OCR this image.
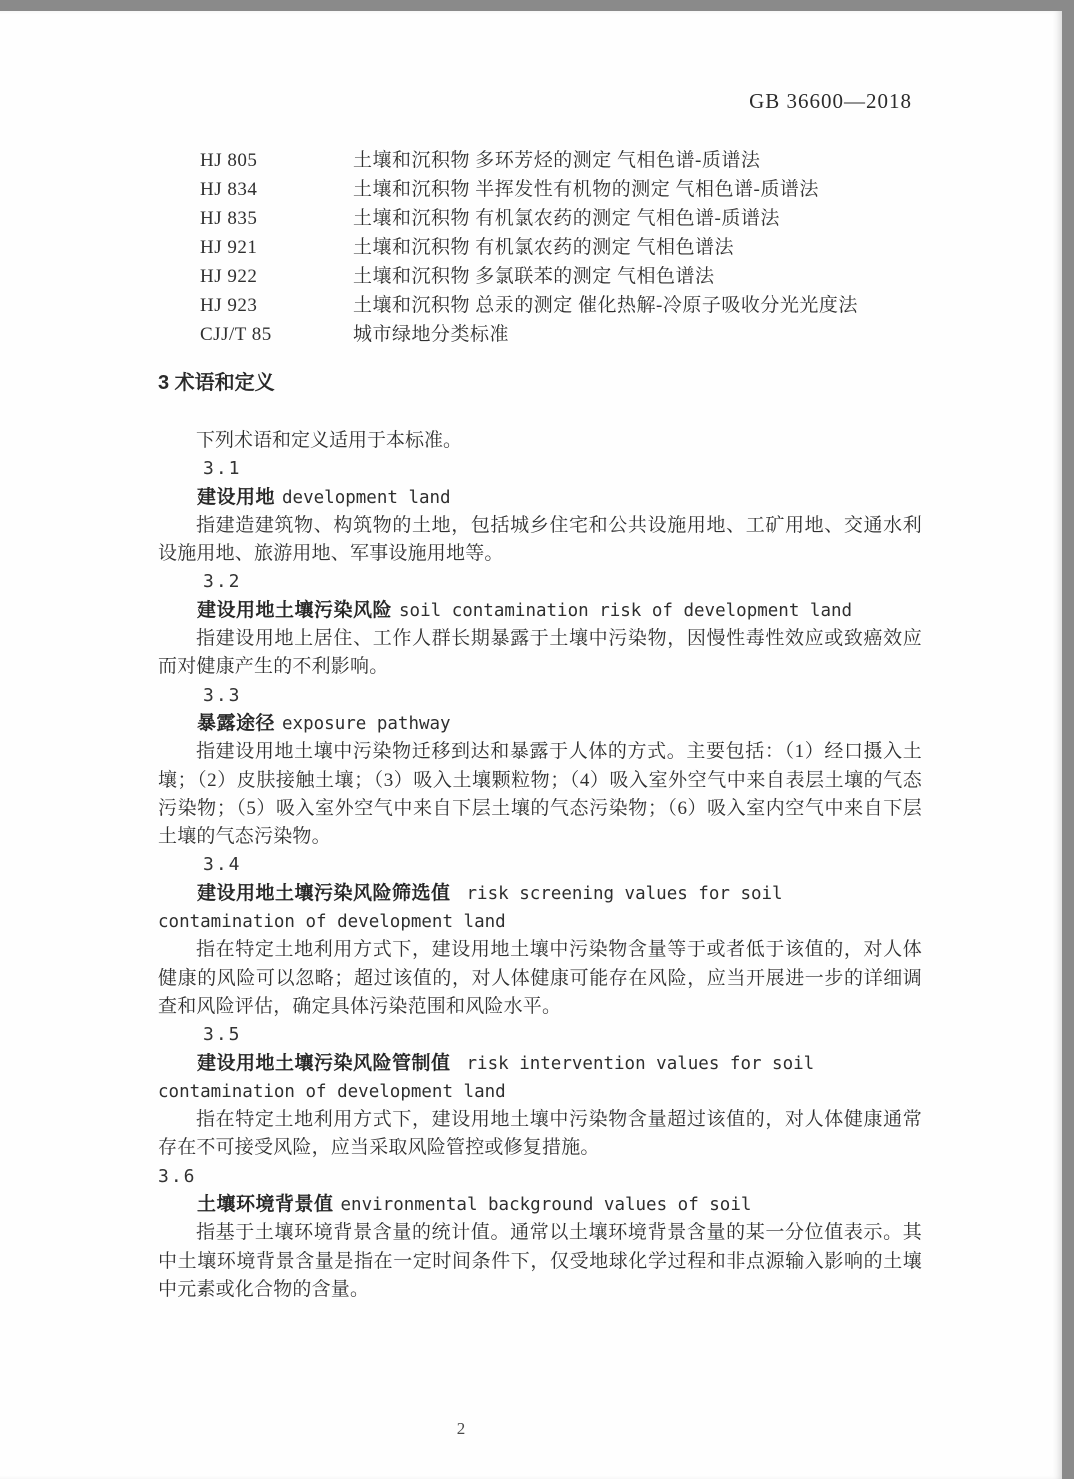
GB 36600—2018
HJ 805	土壤和沉积物 多环芳烃的测定 气相色谱-质谱法
HJ 834	土壤和沉积物 半挥发性有机物的测定 气相色谱-质谱法
HJ 835	土壤和沉积物 有机氯农药的测定 气相色谱-质谱法
HJ 921	土壤和沉积物 有机氯农药的测定 气相色谱法
HJ 922	土壤和沉积物 多氯联苯的测定 气相色谱法
HJ 923	土壤和沉积物 总汞的测定 催化热解-冷原子吸收分光光度法
CJJ/T 85	城市绿地分类标准
3 术语和定义

下列术语和定义适用于本标准。

3.1
建设用地 development land

指建造建筑物、构筑物的土地，包括城乡住宅和公共设施用地、工矿用地、交通水利设施用地、旅游用地、军事设施用地等。

3.2
建设用地土壤污染风险 soil contamination risk of development land

指建设用地上居住、工作人群长期暴露于土壤中污染物，因慢性毒性效应或致癌效应而对健康产生的不利影响。

3.3
暴露途径 exposure pathway

指建设用地土壤中污染物迁移到达和暴露于人体的方式。主要包括：（1）经口摄入土壤；（2）皮肤接触土壤；（3）吸入土壤颗粒物；（4）吸入室外空气中来自表层土壤的气态污染物；（5）吸入室外空气中来自下层土壤的气态污染物；（6）吸入室内空气中来自下层土壤的气态污染物。

3.4
建设用地土壤污染风险筛选值 risk screening values for soil contamination of development land

指在特定土地利用方式下，建设用地土壤中污染物含量等于或者低于该值的，对人体健康的风险可以忽略；超过该值的，对人体健康可能存在风险，应当开展进一步的详细调查和风险评估，确定具体污染范围和风险水平。

3.5
建设用地土壤污染风险管制值 risk intervention values for soil contamination of development land

指在特定土地利用方式下，建设用地土壤中污染物含量超过该值的，对人体健康通常存在不可接受风险，应当采取风险管控或修复措施。

3.6
土壤环境背景值 environmental background values of soil

指基于土壤环境背景含量的统计值。通常以土壤环境背景含量的某一分位值表示。其中土壤环境背景含量是指在一定时间条件下，仅受地球化学过程和非点源输入影响的土壤中元素或化合物的含量。

2
